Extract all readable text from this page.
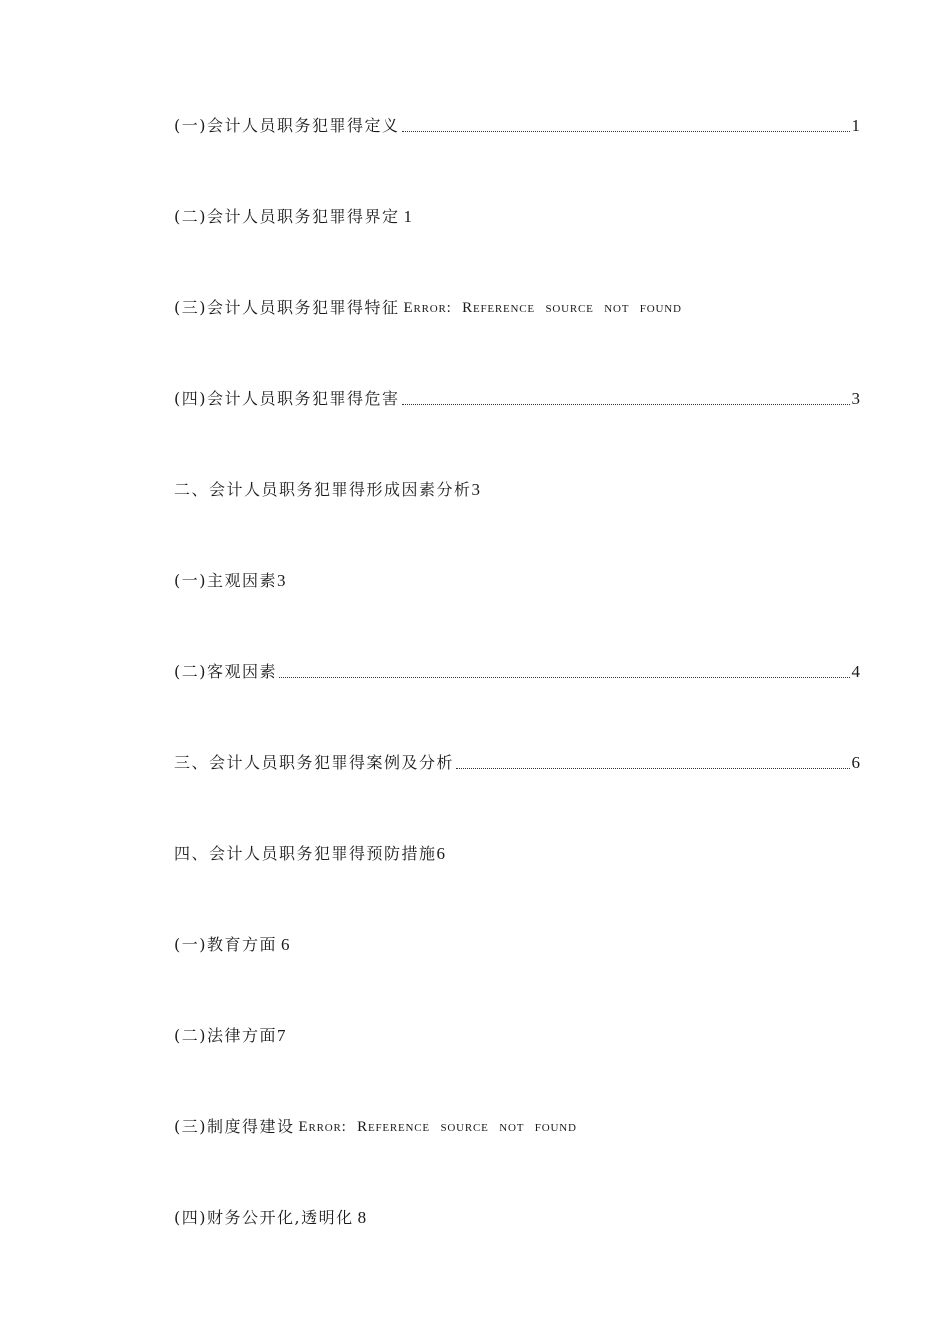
(一)会计人员职务犯罪得定义	1
(二)会计人员职务犯罪得界定 1
(三)会计人员职务犯罪得特征 Error: Reference source not found
(四)会计人员职务犯罪得危害	3
二、会计人员职务犯罪得形成因素分析 3
(一)主观因素 3
(二)客观因素	4
三、会计人员职务犯罪得案例及分析	6
四、会计人员职务犯罪得预防措施 6
(一)教育方面 6
(二)法律方面 7
(三)制度得建设 Error: Reference source not found
(四)财务公开化,透明化 8
